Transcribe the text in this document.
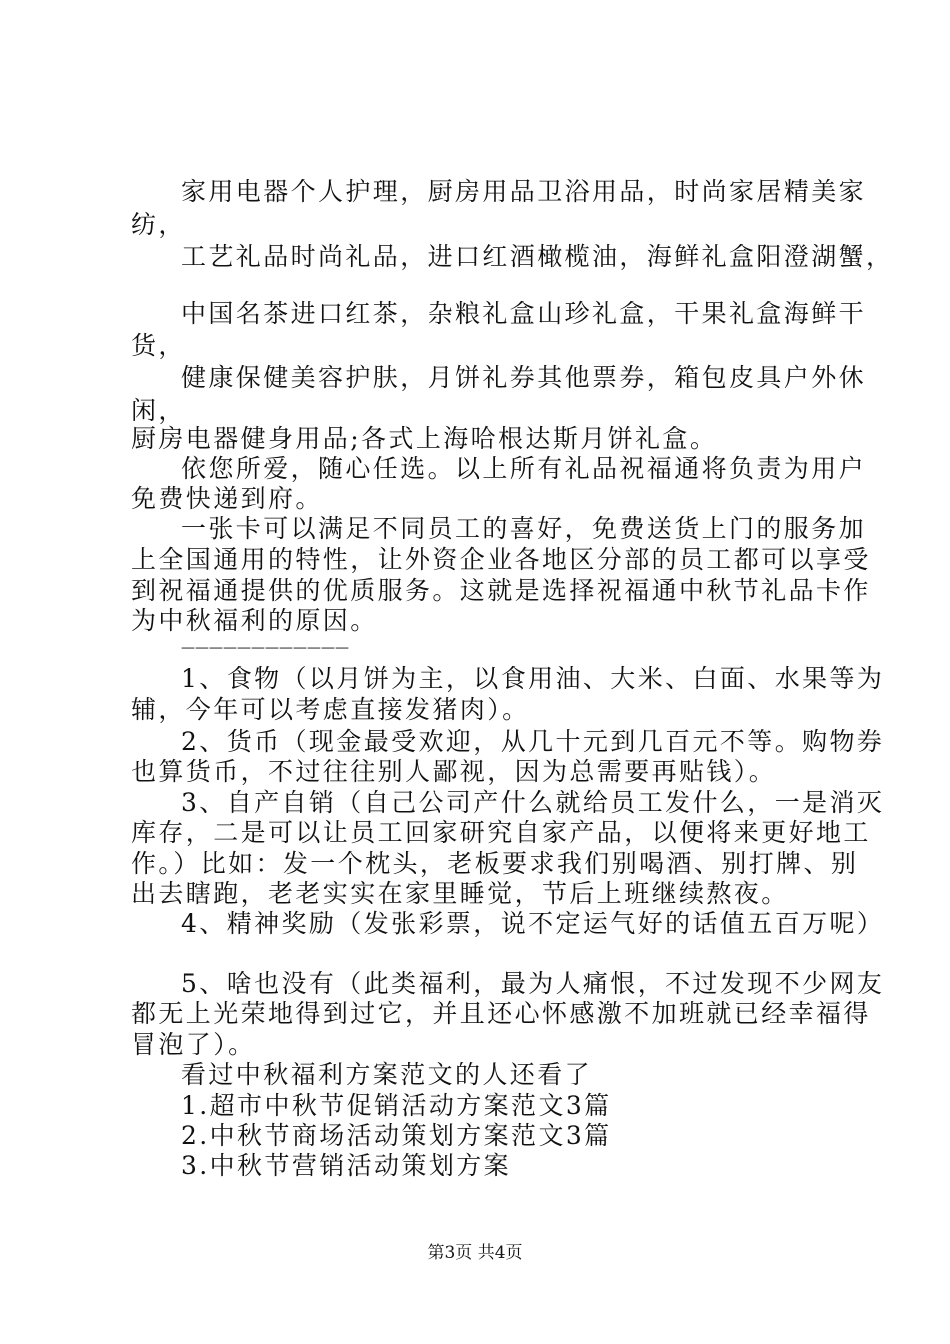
家用电器个人护理，厨房用品卫浴用品，时尚家居精美家
纺，
工艺礼品时尚礼品，进口红酒橄榄油，海鲜礼盒阳澄湖蟹，
中国名茶进口红茶，杂粮礼盒山珍礼盒，干果礼盒海鲜干
货，
健康保健美容护肤，月饼礼券其他票券，箱包皮具户外休
闲，
厨房电器健身用品;各式上海哈根达斯月饼礼盒。
依您所爱，随心任选。以上所有礼品祝福通将负责为用户
免费快递到府。
一张卡可以满足不同员工的喜好，免费送货上门的服务加
上全国通用的特性，让外资企业各地区分部的员工都可以享受
到祝福通提供的优质服务。这就是选择祝福通中秋节礼品卡作
为中秋福利的原因。
————————————
1、食物（以月饼为主，以食用油、大米、白面、水果等为
辅，今年可以考虑直接发猪肉）。
2、货币（现金最受欢迎，从几十元到几百元不等。购物券
也算货币，不过往往别人鄙视，因为总需要再贴钱）。
3、自产自销（自己公司产什么就给员工发什么，一是消灭
库存，二是可以让员工回家研究自家产品，以便将来更好地工
作。）比如：发一个枕头，老板要求我们别喝酒、别打牌、别
出去瞎跑，老老实实在家里睡觉，节后上班继续熬夜。
4、精神奖励（发张彩票，说不定运气好的话值五百万呢）
5、啥也没有（此类福利，最为人痛恨，不过发现不少网友
都无上光荣地得到过它，并且还心怀感激不加班就已经幸福得
冒泡了）。
看过中秋福利方案范文的人还看了
1.超市中秋节促销活动方案范文3篇
2.中秋节商场活动策划方案范文3篇
3.中秋节营销活动策划方案
第3页 共4页
